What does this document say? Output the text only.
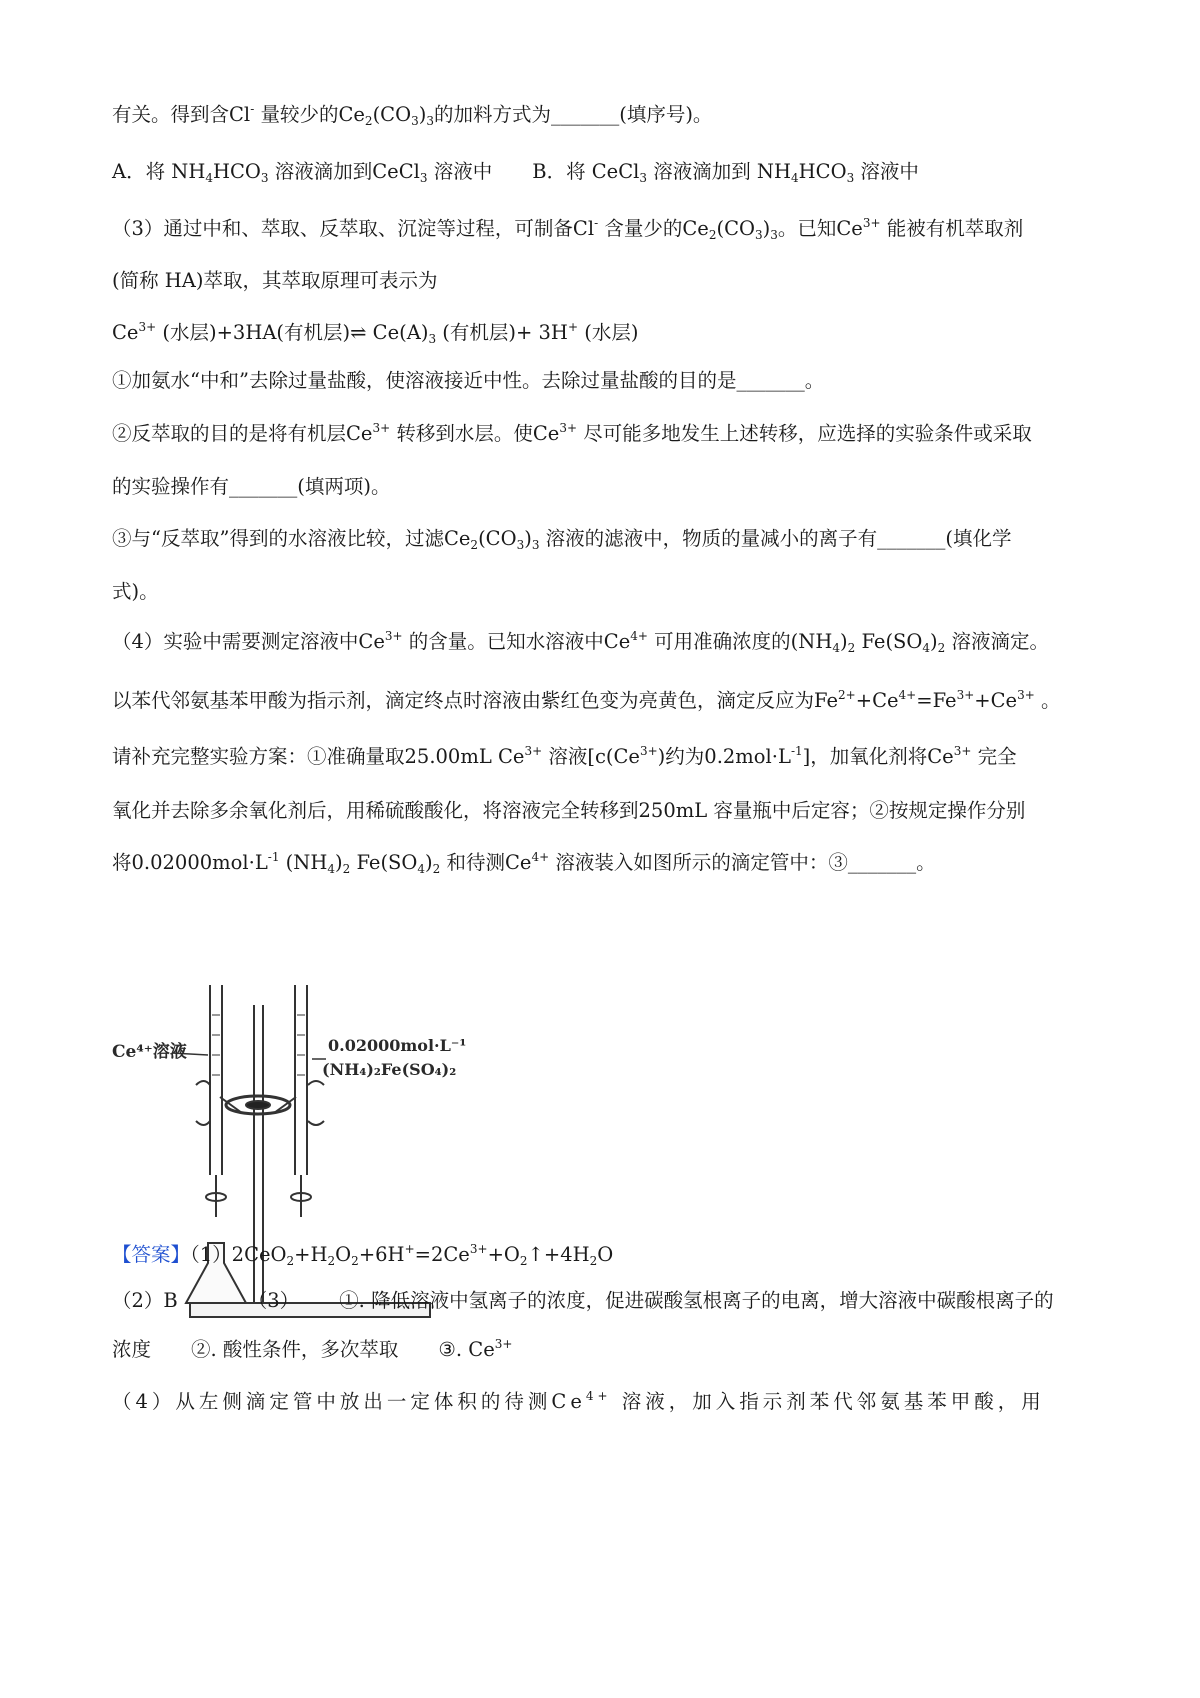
有关。得到含Cl- 量较少的$Ce_2(CO_3)_3$的加料方式为_______(填序号)。
A．将 $NH_4HCO_3$ 溶液滴加到CeCl$_3$ 溶液中 B．将 CeCl$_3$ 溶液滴加到 $NH_4HCO_3$ 溶液中
（3）通过中和、萃取、反萃取、沉淀等过程，可制备Cl- 含量少的$Ce_2(CO_3)_3$。已知$Ce^{3+}$ 能被有机萃取剂
(简称 HA)萃取，其萃取原理可表示为
$Ce^{3+}$ (水层)+3HA(有机层)⇌ $Ce(A)_3$ (有机层)+ 3H+ (水层)
①加氨水“中和”去除过量盐酸，使溶液接近中性。去除过量盐酸的目的是_______。
②反萃取的目的是将有机层$Ce^{3+}$ 转移到水层。使$Ce^{3+}$ 尽可能多地发生上述转移，应选择的实验条件或采取
的实验操作有_______(填两项)。
③与“反萃取”得到的水溶液比较，过滤$Ce_2(CO_3)_3$ 溶液的滤液中，物质的量减小的离子有_______(填化学
式)。
（4）实验中需要测定溶液中$Ce^{3+}$ 的含量。已知水溶液中$Ce^{4+}$ 可用准确浓度的$(NH_4)_2$ $Fe(SO_4)_2$ 溶液滴定。
以苯代邻氨基苯甲酸为指示剂，滴定终点时溶液由紫红色变为亮黄色，滴定反应为$Fe^{2+}+Ce^{4+}=Fe^{3+}+Ce^{3+}$ 。
请补充完整实验方案：①准确量取25.00mL $Ce^{3+}$ 溶液[$c(Ce^{3+})$约为$0.2mol\cdot L^{-1}$]，加氧化剂将$Ce^{3+}$ 完全
氧化并去除多余氧化剂后，用稀硫酸酸化，将溶液完全转移到250mL 容量瓶中后定容；②按规定操作分别
将$0.02000mol\cdot L^{-1}$ $(NH_4)_2$ $Fe(SO_4)_2$ 和待测$Ce^{4+}$ 溶液装入如图所示的滴定管中：③_______。
Ce⁴⁺溶液	0.02000mol·L⁻¹
(NH₄)₂Fe(SO₄)₂
【答案】$(1)2CeO_2+H_2O_2+6H^+=2Ce^{3+}+O_2↑+4H_2O$
（2）B	（3） ①. 降低溶液中氢离子的浓度，促进碳酸氢根离子的电离，增大溶液中碳酸根离子的
浓度 ②. 酸性条件，多次萃取 ③. $Ce^{3+}$
（4）从左侧滴定管中放出一定体积的待测$Ce^{4+}$ 溶液，加入指示剂苯代邻氨基苯甲酸，用
